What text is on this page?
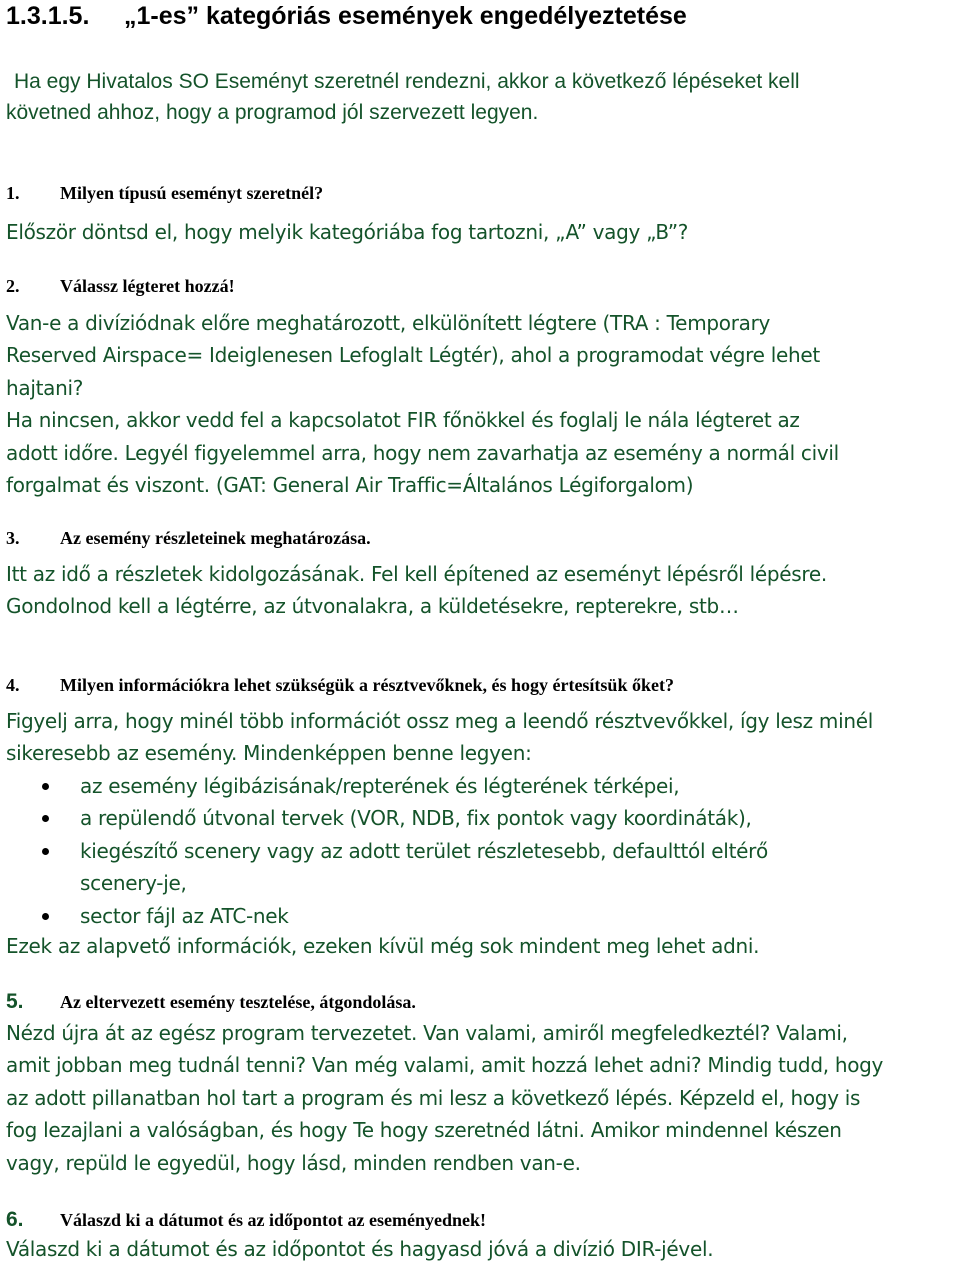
1.3.1.5. „1-es” kategóriás események engedélyeztetése

Ha egy Hivatalos SO Eseményt szeretnél rendezni, akkor a következő lépéseket kell
követned ahhoz, hogy a programod jól szervezett legyen.

1. Milyen típusú eseményt szeretnél?

Először döntsd el, hogy melyik kategóriába fog tartozni, „A” vagy „B”?

2. Válassz légteret hozzá!

Van-e a divíziódnak előre meghatározott, elkülönített légtere (TRA : Temporary
Reserved Airspace= Ideiglenesen Lefoglalt Légtér), ahol a programodat végre lehet
hajtani?
Ha nincsen, akkor vedd fel a kapcsolatot FIR főnökkel és foglalj le nála légteret az
adott időre. Legyél figyelemmel arra, hogy nem zavarhatja az esemény a normál civil
forgalmat és viszont. (GAT: General Air Traffic=Általános Légiforgalom)

3. Az esemény részleteinek meghatározása.

Itt az idő a részletek kidolgozásának. Fel kell építened az eseményt lépésről lépésre.
Gondolnod kell a légtérre, az útvonalakra, a küldetésekre, repterekre, stb…

4. Milyen információkra lehet szükségük a résztvevőknek, és hogy értesítsük őket?

Figyelj arra, hogy minél több információt ossz meg a leendő résztvevőkkel, így lesz minél
sikeresebb az esemény. Mindenképpen benne legyen:

az esemény légibázisának/repterének és légterének térképei,
a repülendő útvonal tervek (VOR, NDB, fix pontok vagy koordináták),
kiegészítő scenery vagy az adott terület részletesebb, defaulttól eltérő
scenery-je,
sector fájl az ATC-nek

Ezek az alapvető információk, ezeken kívül még sok mindent meg lehet adni.

5. Az eltervezett esemény tesztelése, átgondolása.

Nézd újra át az egész program tervezetet. Van valami, amiről megfeledkeztél? Valami,
amit jobban meg tudnál tenni? Van még valami, amit hozzá lehet adni? Mindig tudd, hogy
az adott pillanatban hol tart a program és mi lesz a következő lépés. Képzeld el, hogy is
fog lezajlani a valóságban, és hogy Te hogy szeretnéd látni. Amikor mindennel készen
vagy, repüld le egyedül, hogy lásd, minden rendben van-e.

6. Válaszd ki a dátumot és az időpontot az eseményednek!

Válaszd ki a dátumot és az időpontot és hagyasd jóvá a divízió DIR-jével.
